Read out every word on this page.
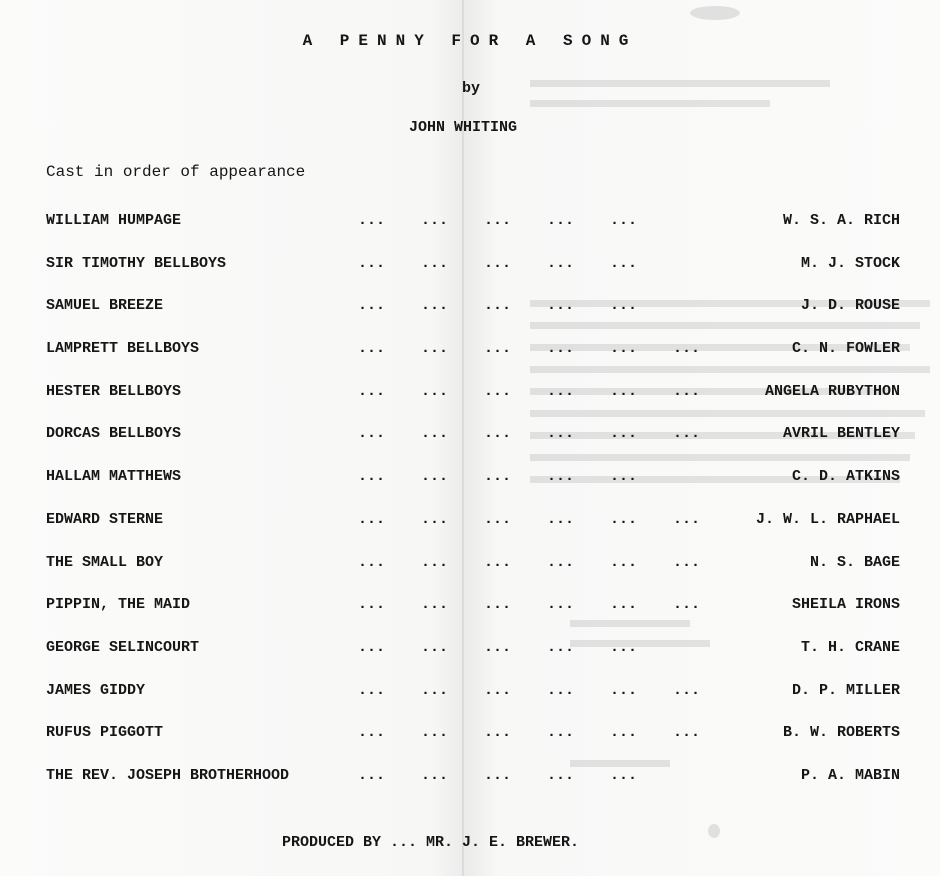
A PENNY FOR A SONG
by
JOHN WHITING
Cast in order of appearance
WILLIAM HUMPAGE	...    ...    ...    ...    ...	W. S. A. RICH
SIR TIMOTHY BELLBOYS	...    ...    ...    ...    ...	M. J. STOCK
SAMUEL BREEZE	...    ...    ...    ...    ...	J. D. ROUSE
LAMPRETT BELLBOYS	...    ...    ...    ...    ...    ...	C. N. FOWLER
HESTER BELLBOYS	...    ...    ...    ...    ...    ...	ANGELA RUBYTHON
DORCAS BELLBOYS	...    ...    ...    ...    ...    ...	AVRIL BENTLEY
HALLAM MATTHEWS	...    ...    ...    ...    ...	C. D. ATKINS
EDWARD STERNE	...    ...    ...    ...    ...    ...	J. W. L. RAPHAEL
THE SMALL BOY	...    ...    ...    ...    ...    ...	N. S. BAGE
PIPPIN, THE MAID	...    ...    ...    ...    ...    ...	SHEILA IRONS
GEORGE SELINCOURT	...    ...    ...    ...    ...	T. H. CRANE
JAMES GIDDY	...    ...    ...    ...    ...    ...	D. P. MILLER
RUFUS PIGGOTT	...    ...    ...    ...    ...    ...	B. W. ROBERTS
THE REV. JOSEPH BROTHERHOOD	...    ...    ...    ...    ...	P. A. MABIN
PRODUCED BY ... MR. J. E. BREWER.
